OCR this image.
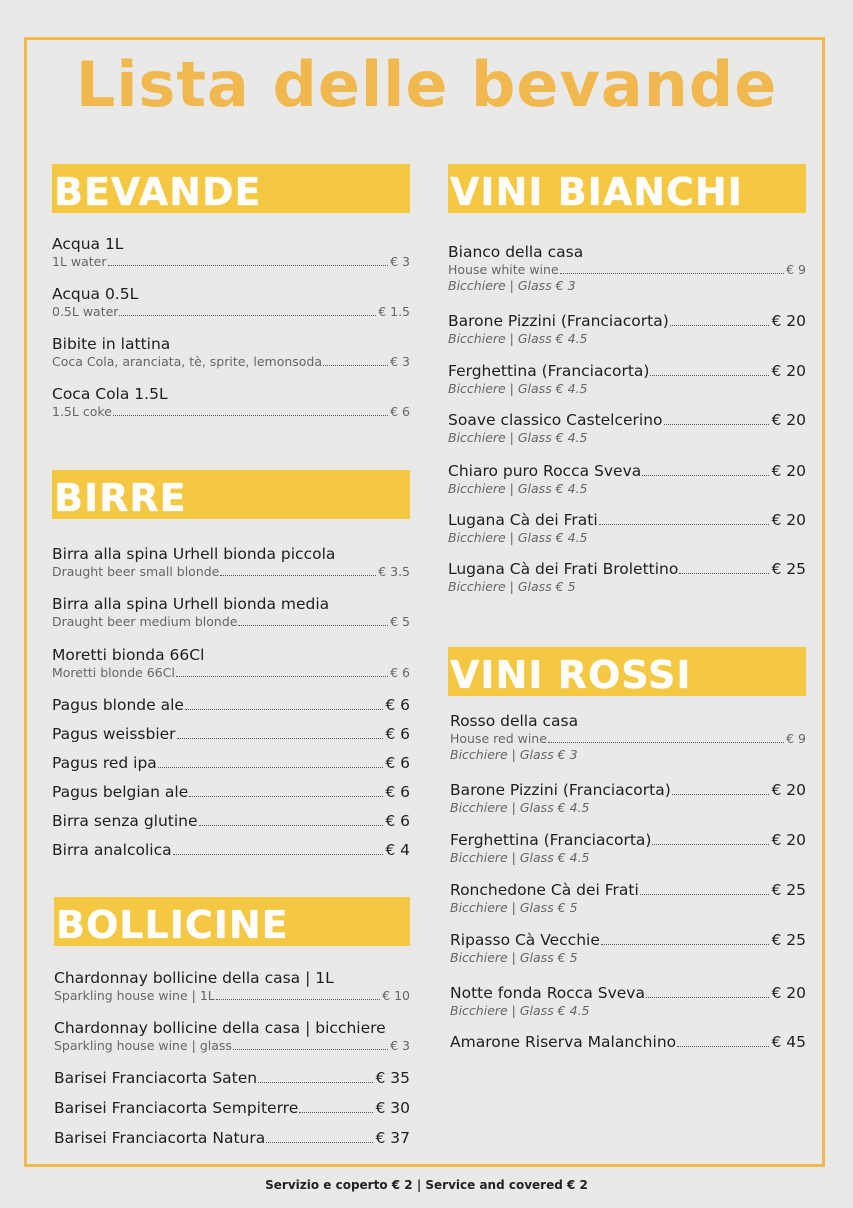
Lista delle bevande
BEVANDE
Acqua 1L
1L water	€ 3
Acqua 0.5L
0.5L water	€ 1.5
Bibite in lattina
Coca Cola, aranciata, tè, sprite, lemonsoda	€ 3
Coca Cola 1.5L
1.5L coke	€ 6
BIRRE
Birra alla spina Urhell bionda piccola
Draught beer small blonde	€ 3.5
Birra alla spina Urhell bionda media
Draught beer medium blonde	€ 5
Moretti bionda 66Cl
Moretti blonde 66Cl	€ 6
Pagus blonde ale	€ 6
Pagus weissbier	€ 6
Pagus red ipa	€ 6
Pagus belgian ale	€ 6
Birra senza glutine	€ 6
Birra analcolica	€ 4
BOLLICINE
Chardonnay bollicine della casa | 1L
Sparkling house wine | 1L	€ 10
Chardonnay bollicine della casa | bicchiere
Sparkling house wine | glass	€ 3
Barisei Franciacorta Saten	€ 35
Barisei Franciacorta Sempiterre	€ 30
Barisei Franciacorta Natura	€ 37
VINI BIANCHI
Bianco della casa
House white wine	€ 9
Bicchiere | Glass € 3
Barone Pizzini (Franciacorta)	€ 20
Bicchiere | Glass € 4.5
Ferghettina (Franciacorta)	€ 20
Bicchiere | Glass € 4.5
Soave classico Castelcerino	€ 20
Bicchiere | Glass € 4.5
Chiaro puro Rocca Sveva	€ 20
Bicchiere | Glass € 4.5
Lugana Cà dei Frati	€ 20
Bicchiere | Glass € 4.5
Lugana Cà dei Frati Brolettino	€ 25
Bicchiere | Glass € 5
VINI ROSSI
Rosso della casa
House red wine	€ 9
Bicchiere | Glass € 3
Barone Pizzini (Franciacorta)	€ 20
Bicchiere | Glass € 4.5
Ferghettina (Franciacorta)	€ 20
Bicchiere | Glass € 4.5
Ronchedone Cà dei Frati	€ 25
Bicchiere | Glass € 5
Ripasso Cà Vecchie	€ 25
Bicchiere | Glass € 5
Notte fonda Rocca Sveva	€ 20
Bicchiere | Glass € 4.5
Amarone Riserva Malanchino	€ 45
Servizio e coperto € 2 | Service and covered € 2
